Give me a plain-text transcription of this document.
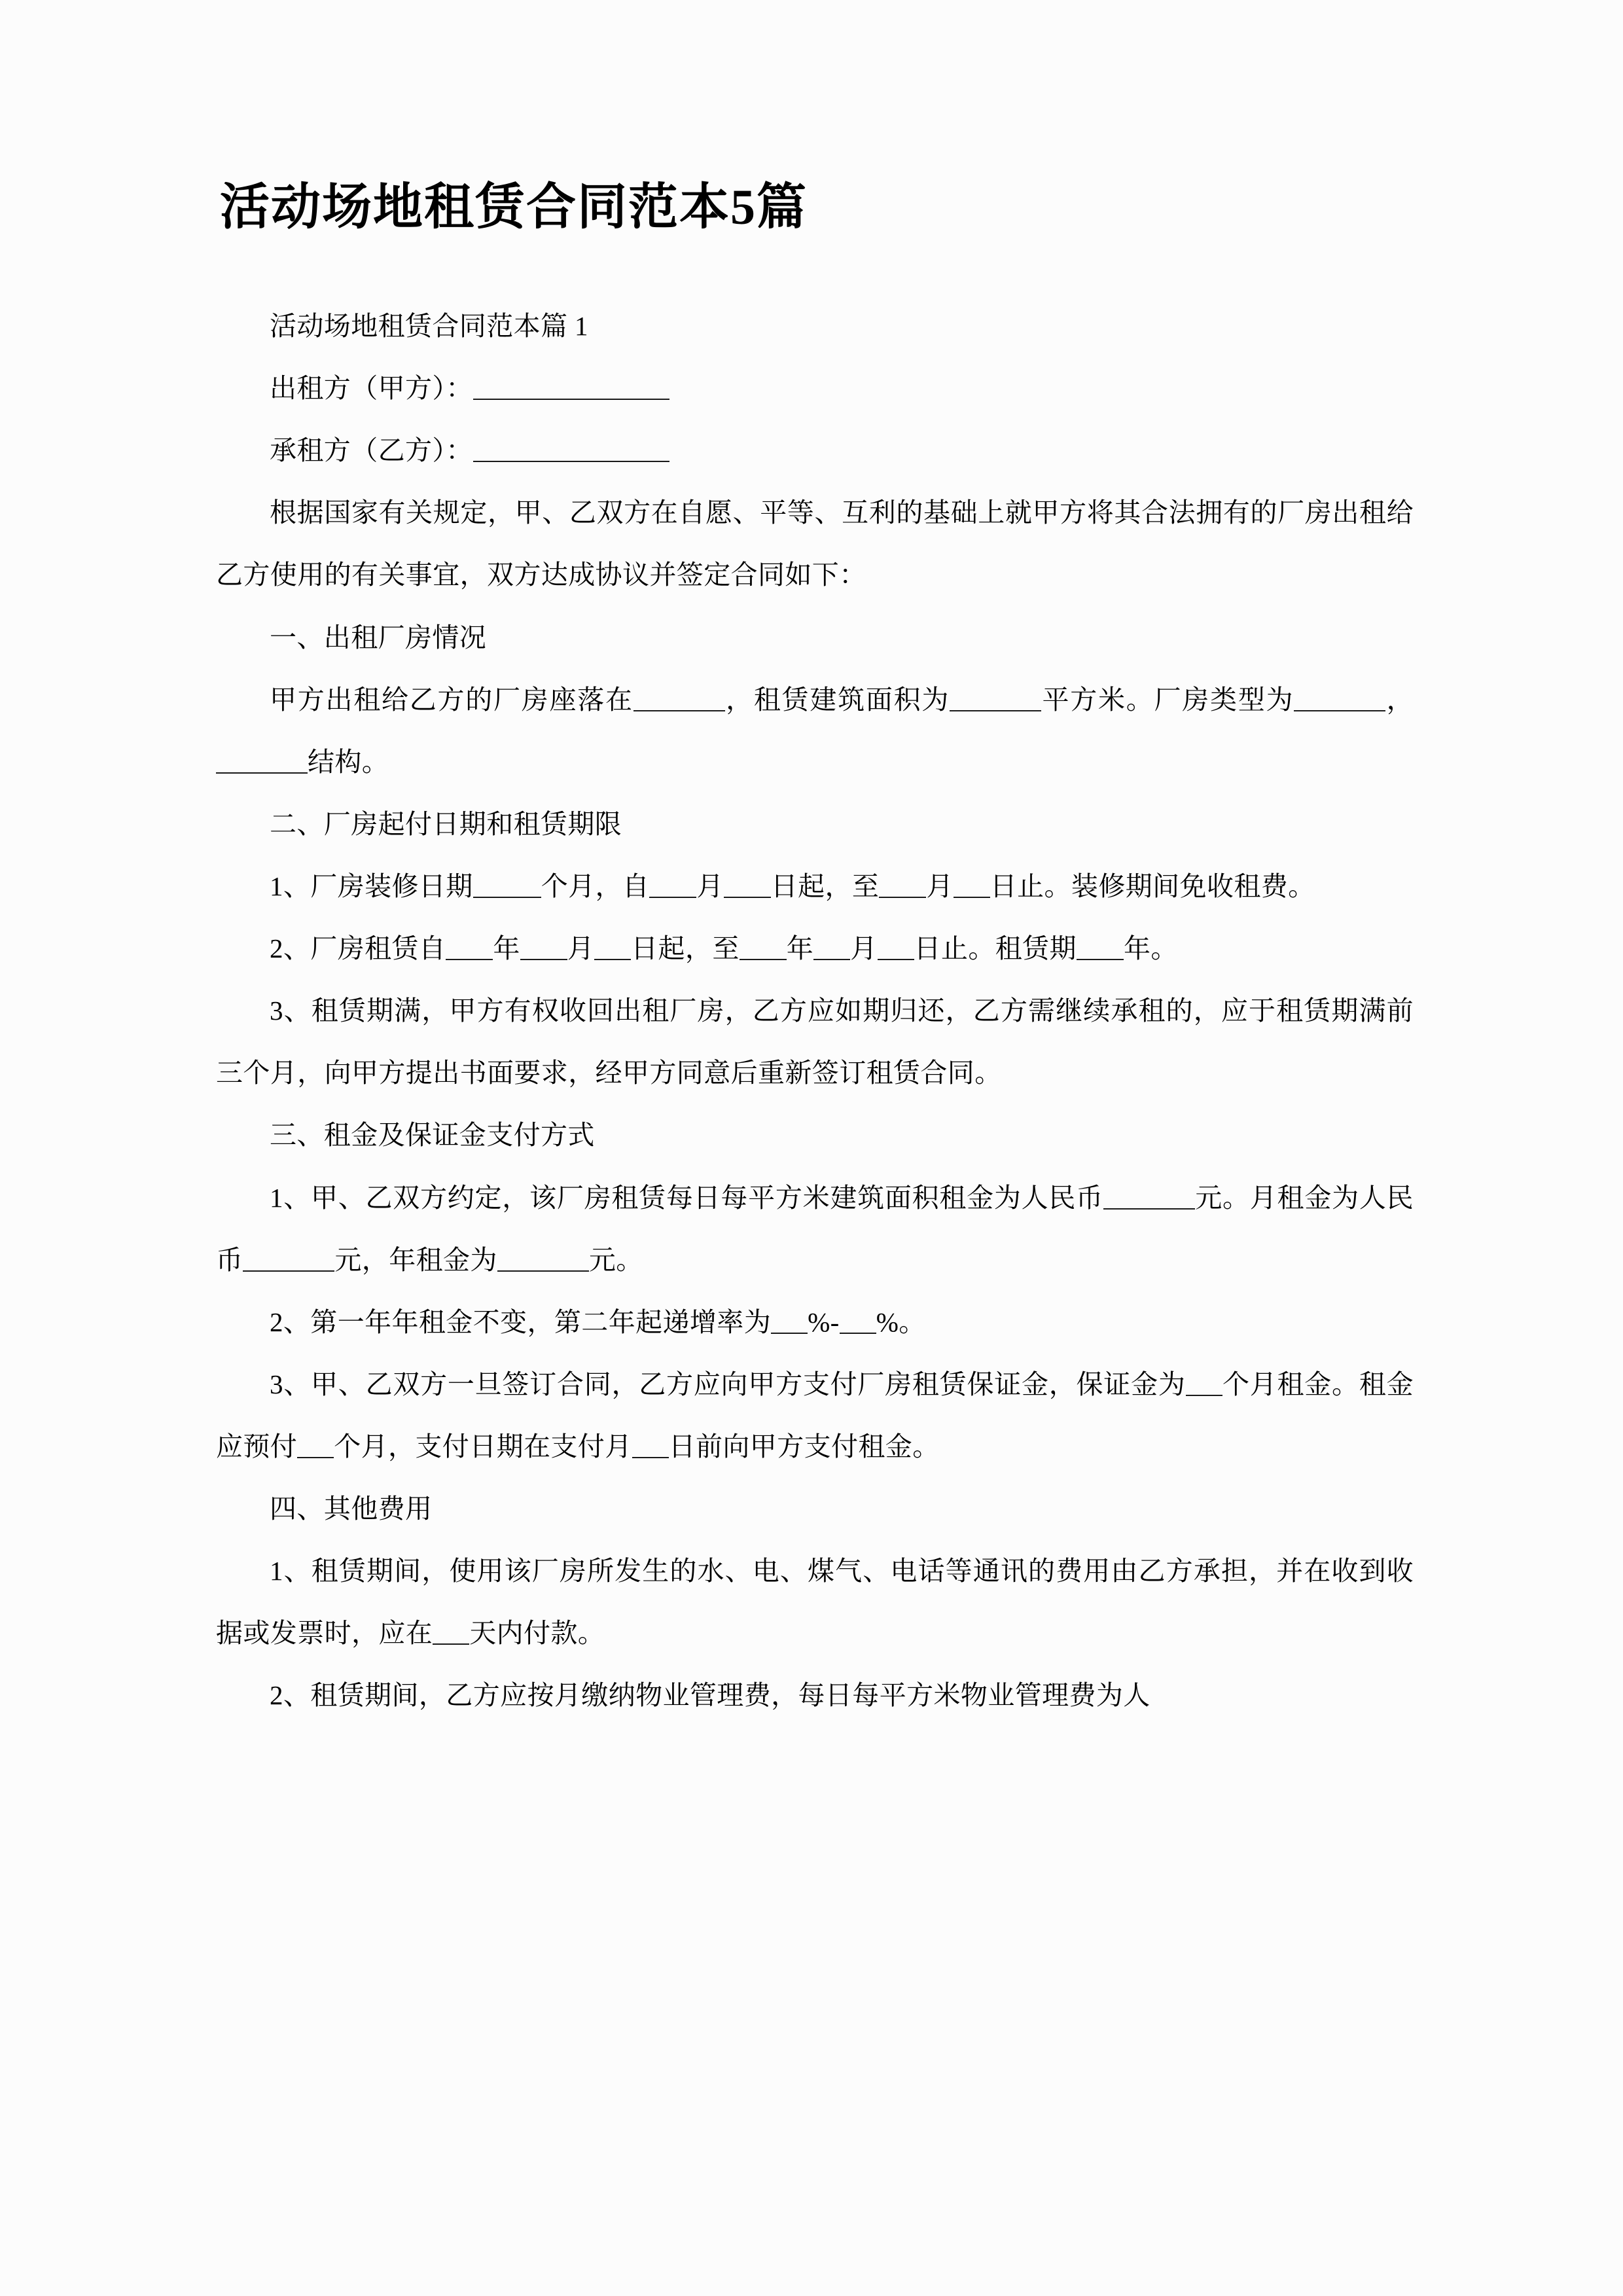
活动场地租赁合同范本5篇

活动场地租赁合同范本篇 1

出租方（甲方）：

承租方（乙方）：

根据国家有关规定，甲、乙双方在自愿、平等、互利的基础上就甲方将其合法拥有的厂房出租给乙方使用的有关事宜，双方达成协议并签定合同如下：

一、出租厂房情况

甲方出租给乙方的厂房座落在	，租赁建筑面积为	平方米。厂房类型为	，结构。

二、厂房起付日期和租赁期限

1、厂房装修日期	个月，自 月 日起，至 月 日止。装修期间免收租费。

2、厂房租赁自 年 月 日起，至 年 月 日止。租赁期 年。

3、租赁期满，甲方有权收回出租厂房，乙方应如期归还，乙方需继续承租的，应于租赁期满前三个月，向甲方提出书面要求，经甲方同意后重新签订租赁合同。

三、租金及保证金支付方式

1、甲、乙双方约定，该厂房租赁每日每平方米建筑面积租金为人民币	元。月租金为人民币	元，年租金为	元。

2、第一年年租金不变，第二年起递增率为 %- %。

3、甲、乙双方一旦签订合同，乙方应向甲方支付厂房租赁保证金，保证金为 个月租金。租金应预付 个月，支付日期在支付月 日前向甲方支付租金。

四、其他费用

1、租赁期间，使用该厂房所发生的水、电、煤气、电话等通讯的费用由乙方承担，并在收到收据或发票时，应在 天内付款。

2、租赁期间，乙方应按月缴纳物业管理费，每日每平方米物业管理费为人
